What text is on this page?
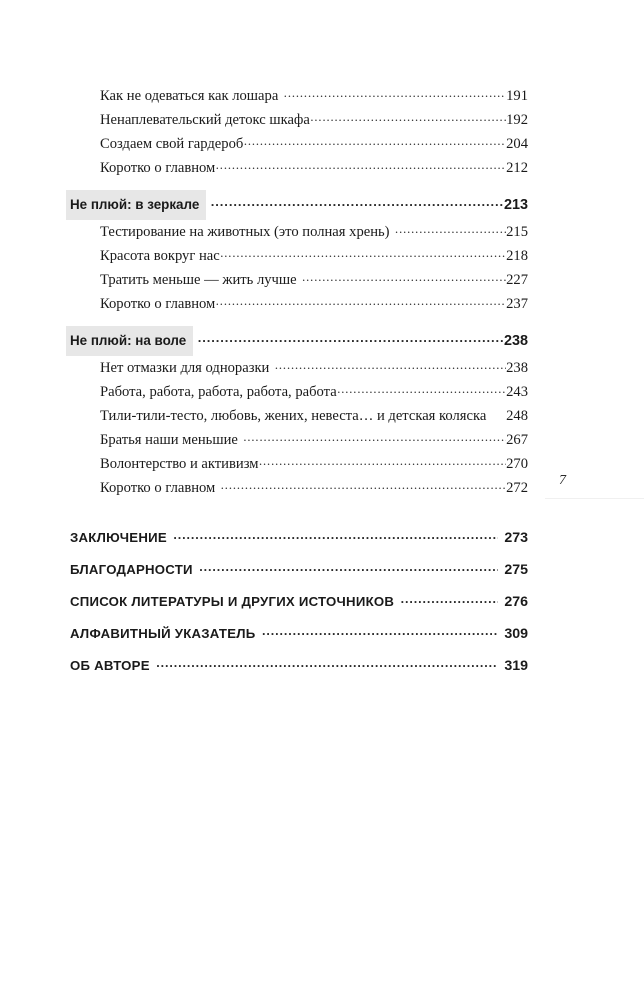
Как не одеваться как лошара .....	191
Ненаплевательский детокс шкафа .....	192
Создаем свой гардероб .....	204
Коротко о главном .....	212
Не плюй: в зеркале .....	213
Тестирование на животных (это полная хрень) .....	215
Красота вокруг нас .....	218
Тратить меньше — жить лучше .....	227
Коротко о главном .....	237
Не плюй: на воле .....	238
Нет отмазки для одноразки .....	238
Работа, работа, работа, работа, работа .....	243
Тили-тили-тесто, любовь, жених, невеста… и детская коляска	248
Братья наши меньшие .....	267
Волонтерство и активизм .....	270
Коротко о главном .....	272
ЗАКЛЮЧЕНИЕ .....	273
БЛАГОДАРНОСТИ .....	275
СПИСОК ЛИТЕРАТУРЫ И ДРУГИХ ИСТОЧНИКОВ .....	276
АЛФАВИТНЫЙ УКАЗАТЕЛЬ .....	309
ОБ АВТОРЕ .....	319
7
